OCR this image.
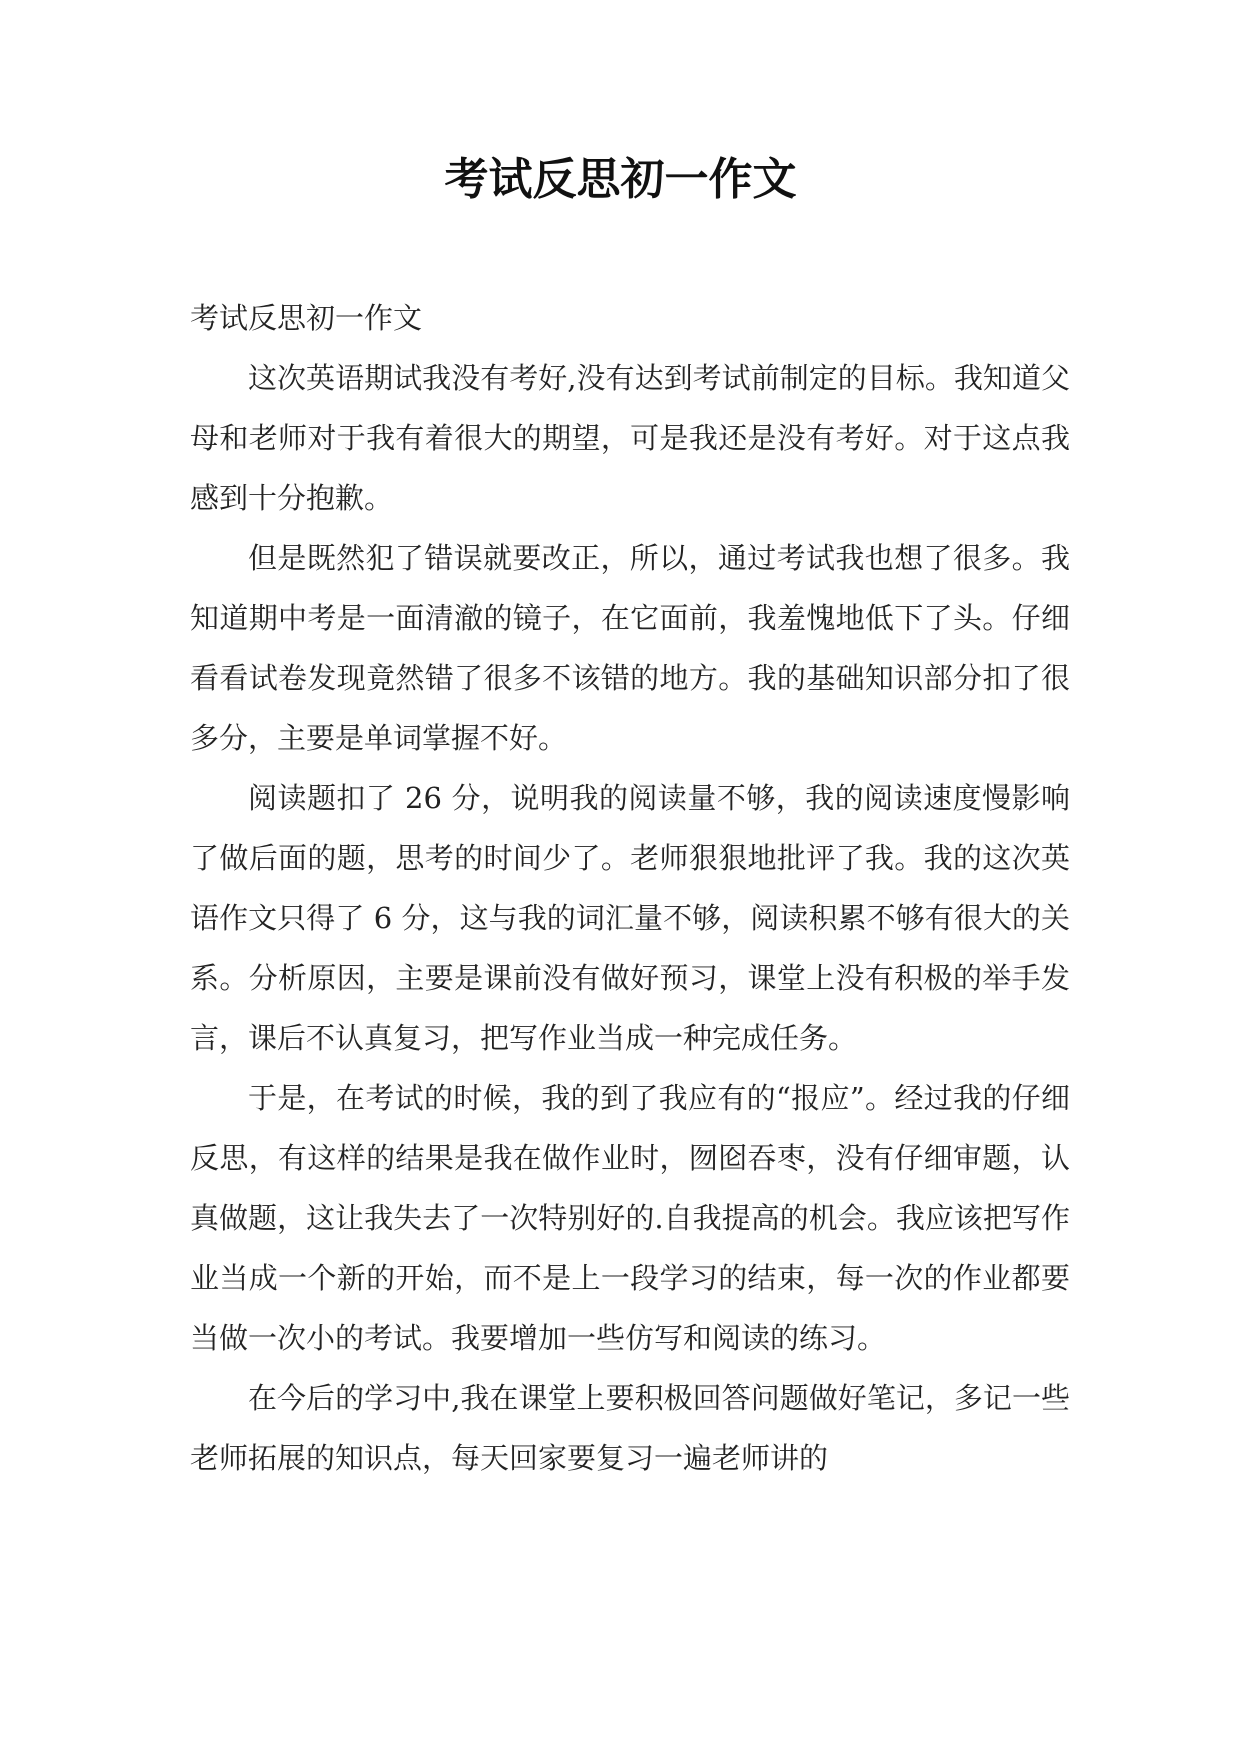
考试反思初一作文

考试反思初一作文

这次英语期试我没有考好,没有达到考试前制定的目标。我知道父母和老师对于我有着很大的期望，可是我还是没有考好。对于这点我感到十分抱歉。

但是既然犯了错误就要改正，所以，通过考试我也想了很多。我知道期中考是一面清澈的镜子，在它面前，我羞愧地低下了头。仔细看看试卷发现竟然错了很多不该错的地方。我的基础知识部分扣了很多分，主要是单词掌握不好。

阅读题扣了 26 分，说明我的阅读量不够，我的阅读速度慢影响了做后面的题，思考的时间少了。老师狠狠地批评了我。我的这次英语作文只得了 6 分，这与我的词汇量不够，阅读积累不够有很大的关系。分析原因，主要是课前没有做好预习，课堂上没有积极的举手发言，课后不认真复习，把写作业当成一种完成任务。

于是，在考试的时候，我的到了我应有的“报应”。经过我的仔细反思，有这样的结果是我在做作业时，囫囵吞枣，没有仔细审题，认真做题，这让我失去了一次特别好的.自我提高的机会。我应该把写作业当成一个新的开始，而不是上一段学习的结束，每一次的作业都要当做一次小的考试。我要增加一些仿写和阅读的练习。

在今后的学习中,我在课堂上要积极回答问题做好笔记，多记一些老师拓展的知识点，每天回家要复习一遍老师讲的
